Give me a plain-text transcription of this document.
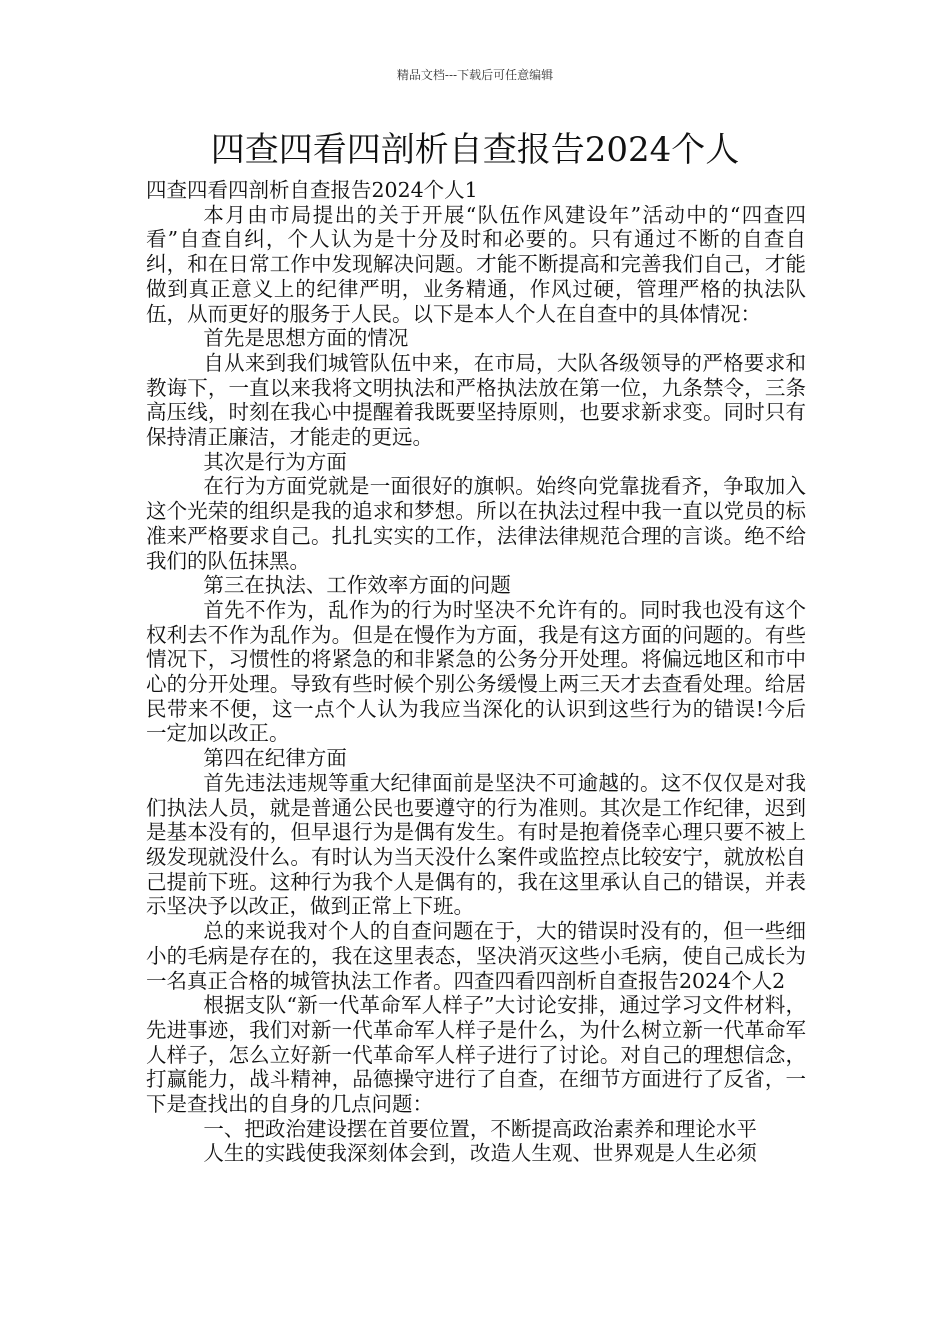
精品文档---下载后可任意编辑
四查四看四剖析自查报告2024个人

四查四看四剖析自查报告2024个人1

本月由市局提出的关于开展“队伍作风建设年”活动中的“四查四看”自查自纠，个人认为是十分及时和必要的。只有通过不断的自查自纠，和在日常工作中发现解决问题。才能不断提高和完善我们自己，才能做到真正意义上的纪律严明，业务精通，作风过硬，管理严格的执法队伍，从而更好的服务于人民。以下是本人个人在自查中的具体情况：

首先是思想方面的情况

自从来到我们城管队伍中来，在市局，大队各级领导的严格要求和教诲下，一直以来我将文明执法和严格执法放在第一位，九条禁令，三条高压线，时刻在我心中提醒着我既要坚持原则，也要求新求变。同时只有保持清正廉洁，才能走的更远。

其次是行为方面

在行为方面党就是一面很好的旗帜。始终向党靠拢看齐，争取加入这个光荣的组织是我的追求和梦想。所以在执法过程中我一直以党员的标准来严格要求自己。扎扎实实的工作，法律法律规范合理的言谈。绝不给我们的队伍抹黑。

第三在执法、工作效率方面的问题

首先不作为，乱作为的行为时坚决不允许有的。同时我也没有这个权利去不作为乱作为。但是在慢作为方面，我是有这方面的问题的。有些情况下，习惯性的将紧急的和非紧急的公务分开处理。将偏远地区和市中心的分开处理。导致有些时候个别公务缓慢上两三天才去查看处理。给居民带来不便，这一点个人认为我应当深化的认识到这些行为的错误!今后一定加以改正。

第四在纪律方面

首先违法违规等重大纪律面前是坚決不可逾越的。这不仅仅是对我们执法人员，就是普通公民也要遵守的行为准则。其次是工作纪律，迟到是基本没有的，但早退行为是偶有发生。有时是抱着侥幸心理只要不被上级发现就没什么。有时认为当天没什么案件或监控点比较安宁，就放松自己提前下班。这种行为我个人是偶有的，我在这里承认自己的错误，并表示坚决予以改正，做到正常上下班。

总的来说我对个人的自查问题在于，大的错误时没有的，但一些细小的毛病是存在的，我在这里表态，坚决消灭这些小毛病，使自己成长为一名真正合格的城管执法工作者。四查四看四剖析自查报告2024个人2

根据支队“新一代革命军人样子”大讨论安排，通过学习文件材料，先进事迹，我们对新一代革命军人样子是什么，为什么树立新一代革命军人样子，怎么立好新一代革命军人样子进行了讨论。对自己的理想信念，打赢能力，战斗精神，品德操守进行了自查，在细节方面进行了反省，一下是查找出的自身的几点问题：

一、把政治建设摆在首要位置，不断提高政治素养和理论水平

人生的实践使我深刻体会到，改造人生观、世界观是人生必须
